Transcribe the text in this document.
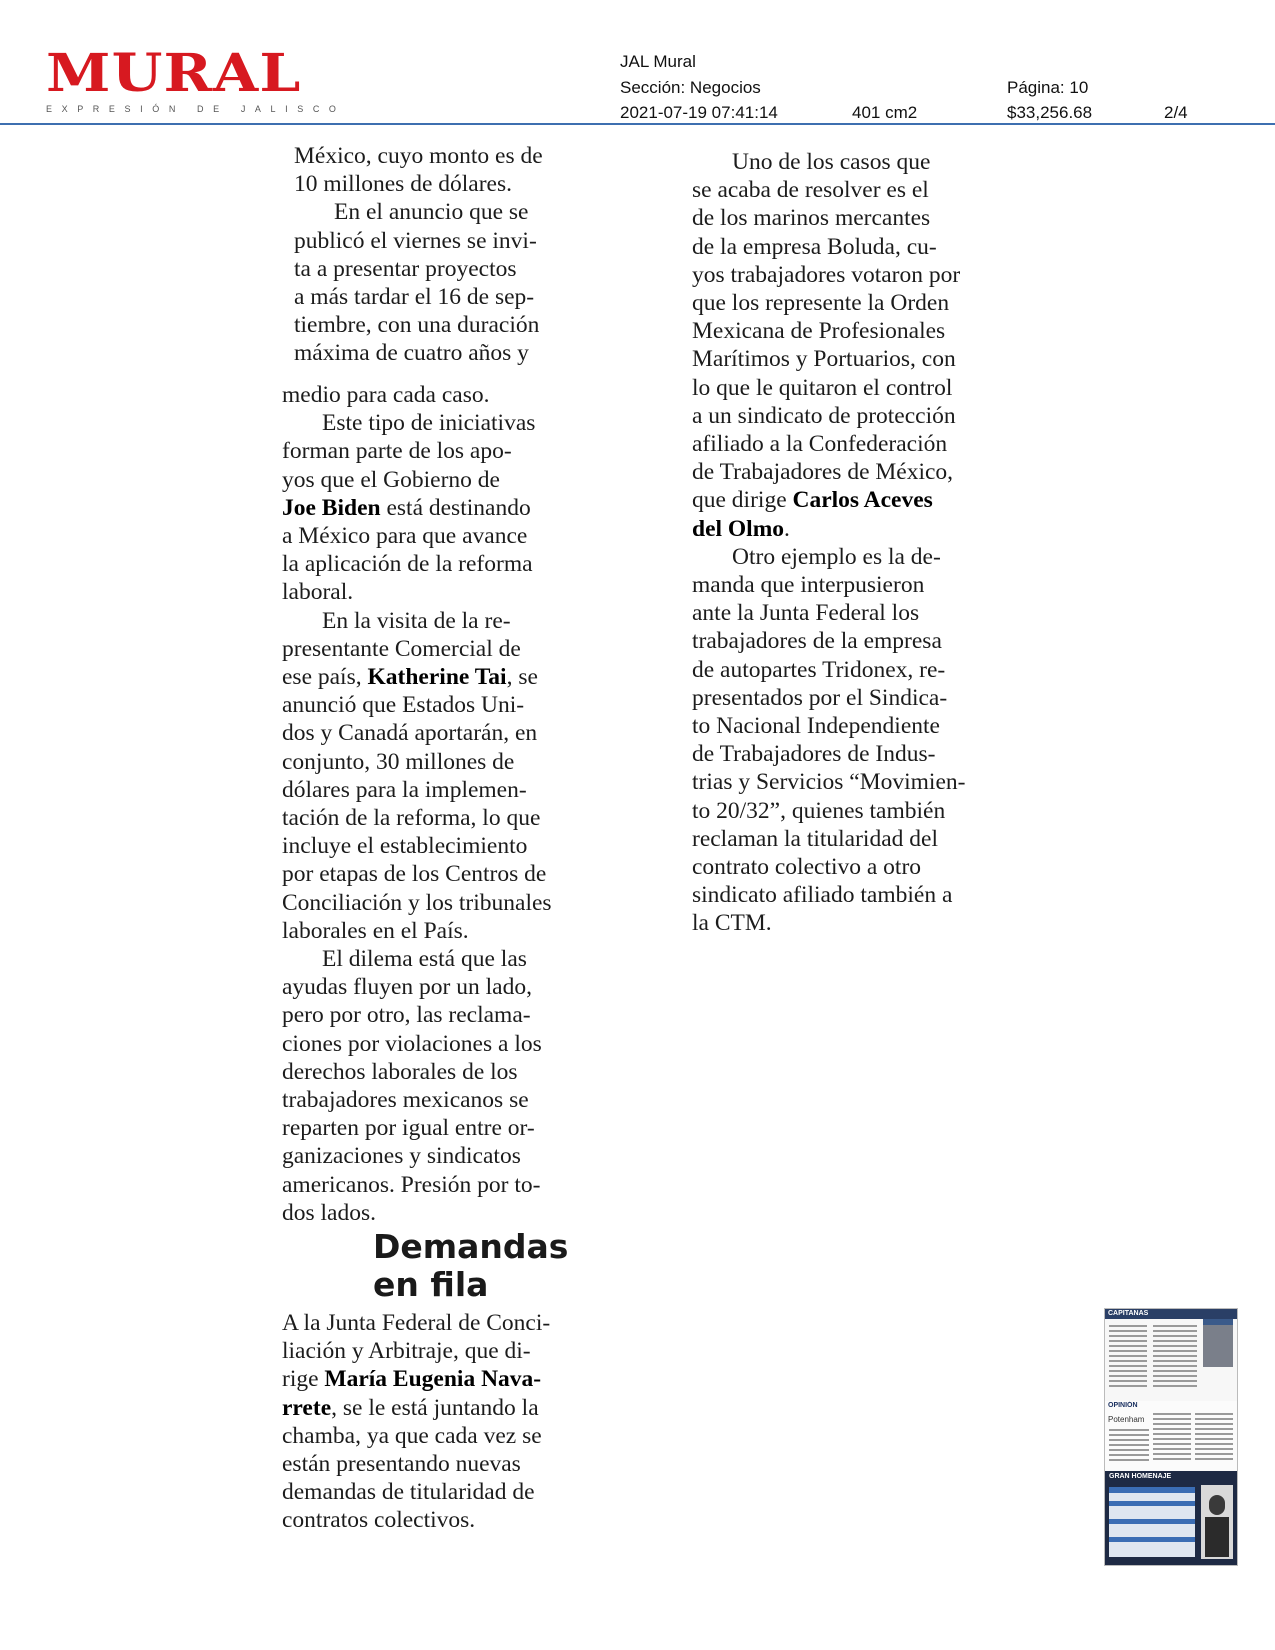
MURAL
EXPRESIÓN DE JALISCO
JAL Mural
Sección: Negocios	Página: 10
2021-07-19 07:41:14	401 cm2	$33,256.68	2/4

México, cuyo monto es de

10 millones de dólares.

En el anuncio que se

publicó el viernes se invi-

ta a presentar proyectos

a más tardar el 16 de sep-

tiembre, con una duración

máxima de cuatro años y

medio para cada caso.

Este tipo de iniciativas

forman parte de los apo-

yos que el Gobierno de

Joe Biden está destinando

a México para que avance

la aplicación de la reforma

laboral.

En la visita de la re-

presentante Comercial de

ese país, Katherine Tai, se

anunció que Estados Uni-

dos y Canadá aportarán, en

conjunto, 30 millones de

dólares para la implemen-

tación de la reforma, lo que

incluye el establecimiento

por etapas de los Centros de

Conciliación y los tribunales

laborales en el País.

El dilema está que las

ayudas fluyen por un lado,

pero por otro, las reclama-

ciones por violaciones a los

derechos laborales de los

trabajadores mexicanos se

reparten por igual entre or-

ganizaciones y sindicatos

americanos. Presión por to-

dos lados.

Demandas
en fila

A la Junta Federal de Conci-

liación y Arbitraje, que di-

rige María Eugenia Nava-

rrete, se le está juntando la

chamba, ya que cada vez se

están presentando nuevas

demandas de titularidad de

contratos colectivos.

Uno de los casos que

se acaba de resolver es el

de los marinos mercantes

de la empresa Boluda, cu-

yos trabajadores votaron por

que los represente la Orden

Mexicana de Profesionales

Marítimos y Portuarios, con

lo que le quitaron el control

a un sindicato de protección

afiliado a la Confederación

de Trabajadores de México,

que dirige Carlos Aceves

del Olmo.

Otro ejemplo es la de-

manda que interpusieron

ante la Junta Federal los

trabajadores de la empresa

de autopartes Tridonex, re-

presentados por el Sindica-

to Nacional Independiente

de Trabajadores de Indus-

trias y Servicios “Movimien-

to 20/32”, quienes también

reclaman la titularidad del

contrato colectivo a otro

sindicato afiliado también a

la CTM.

CAPITANAS
OPINIÓN
Potenham
GRAN HOMENAJE
